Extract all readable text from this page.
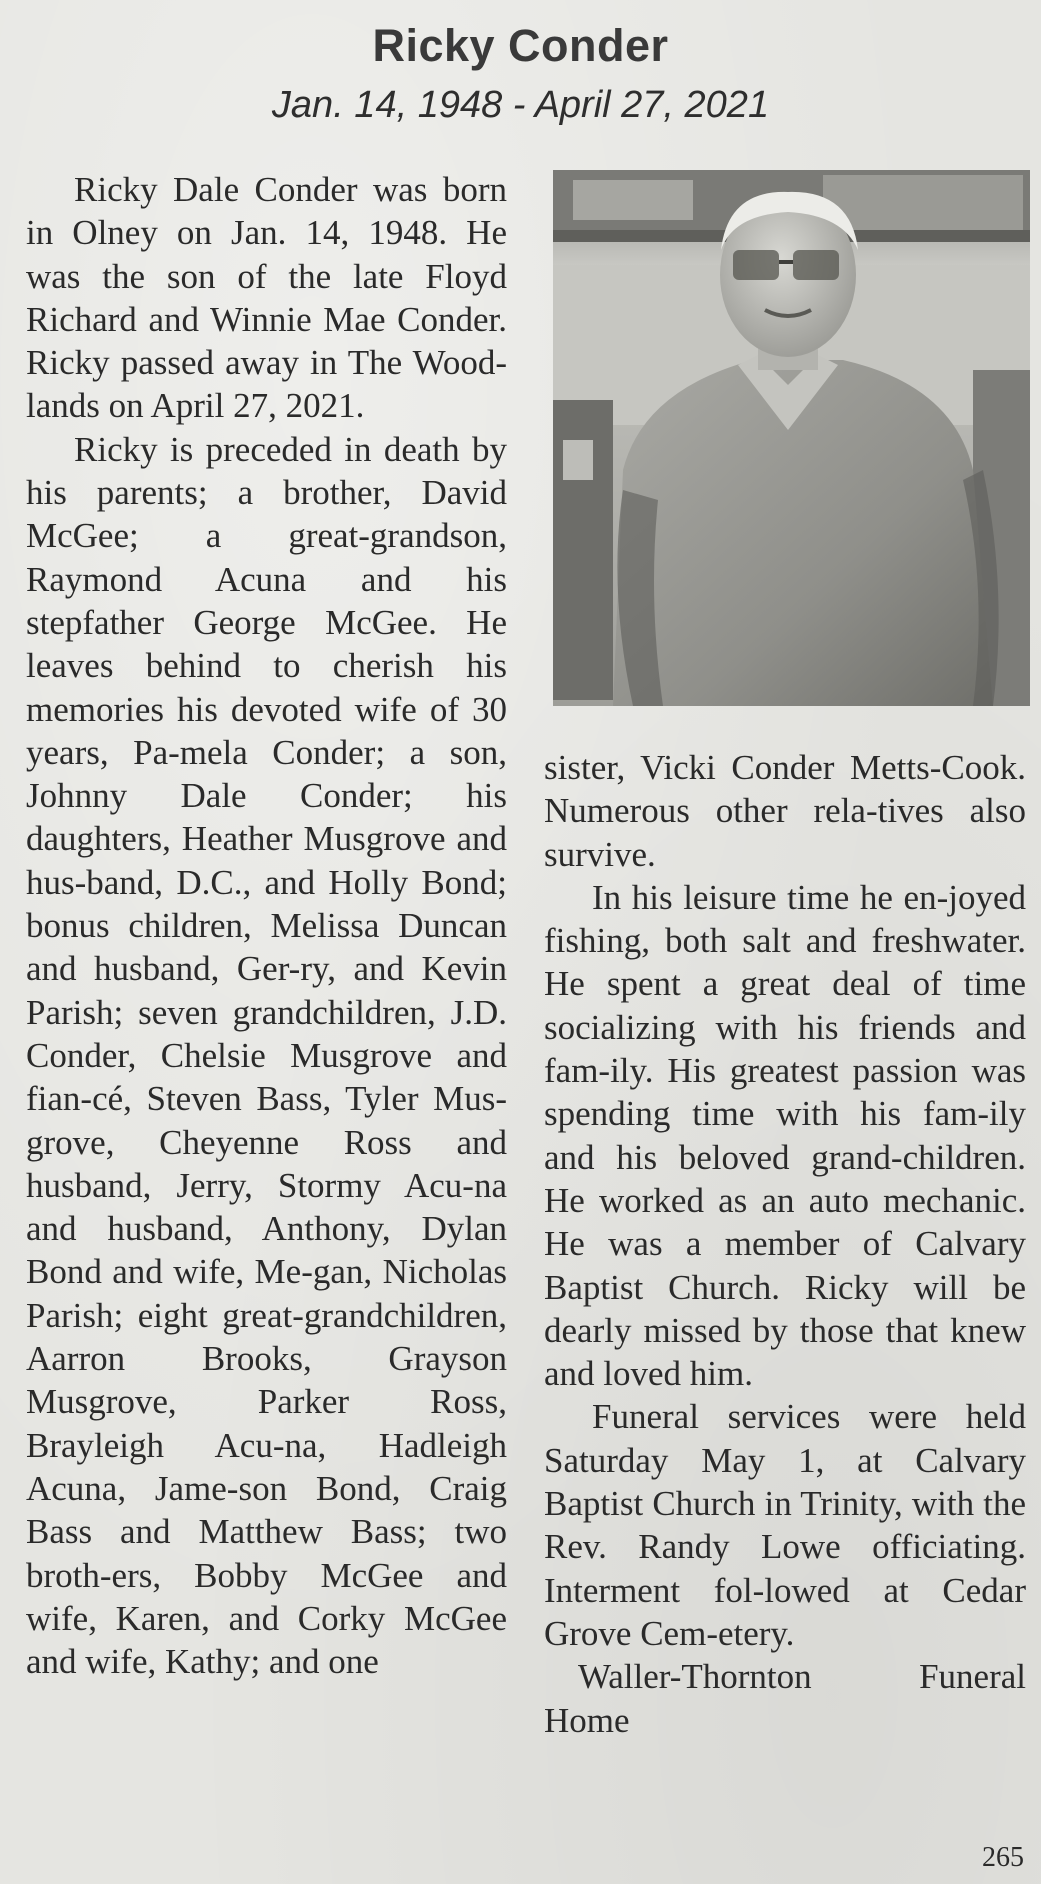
Ricky Conder
Jan. 14, 1948 - April 27, 2021

Ricky Dale Conder was born in Olney on Jan. 14, 1948. He was the son of the late Floyd Richard and Winnie Mae Conder. Ricky passed away in The Wood-lands on April 27, 2021.

Ricky is preceded in death by his parents; a brother, David McGee; a great-grandson, Raymond Acuna and his stepfather George McGee. He leaves behind to cherish his memories his devoted wife of 30 years, Pa-mela Conder; a son, Johnny Dale Conder; his daughters, Heather Musgrove and hus-band, D.C., and Holly Bond; bonus children, Melissa Duncan and husband, Ger-ry, and Kevin Parish; seven grandchildren, J.D. Conder, Chelsie Musgrove and fian-cé, Steven Bass, Tyler Mus-grove, Cheyenne Ross and husband, Jerry, Stormy Acu-na and husband, Anthony, Dylan Bond and wife, Me-gan, Nicholas Parish; eight great-grandchildren, Aarron Brooks, Grayson Musgrove, Parker Ross, Brayleigh Acu-na, Hadleigh Acuna, Jame-son Bond, Craig Bass and Matthew Bass; two broth-ers, Bobby McGee and wife, Karen, and Corky McGee and wife, Kathy; and one

sister, Vicki Conder Metts-Cook. Numerous other rela-tives also survive.

In his leisure time he en-joyed fishing, both salt and freshwater. He spent a great deal of time socializing with his friends and fam-ily. His greatest passion was spending time with his fam-ily and his beloved grand-children. He worked as an auto mechanic. He was a member of Calvary Baptist Church. Ricky will be dearly missed by those that knew and loved him.

Funeral services were held Saturday May 1, at Calvary Baptist Church in Trinity, with the Rev. Randy Lowe officiating. Interment fol-lowed at Cedar Grove Cem-etery.

Waller-Thornton Funeral

Home

265
